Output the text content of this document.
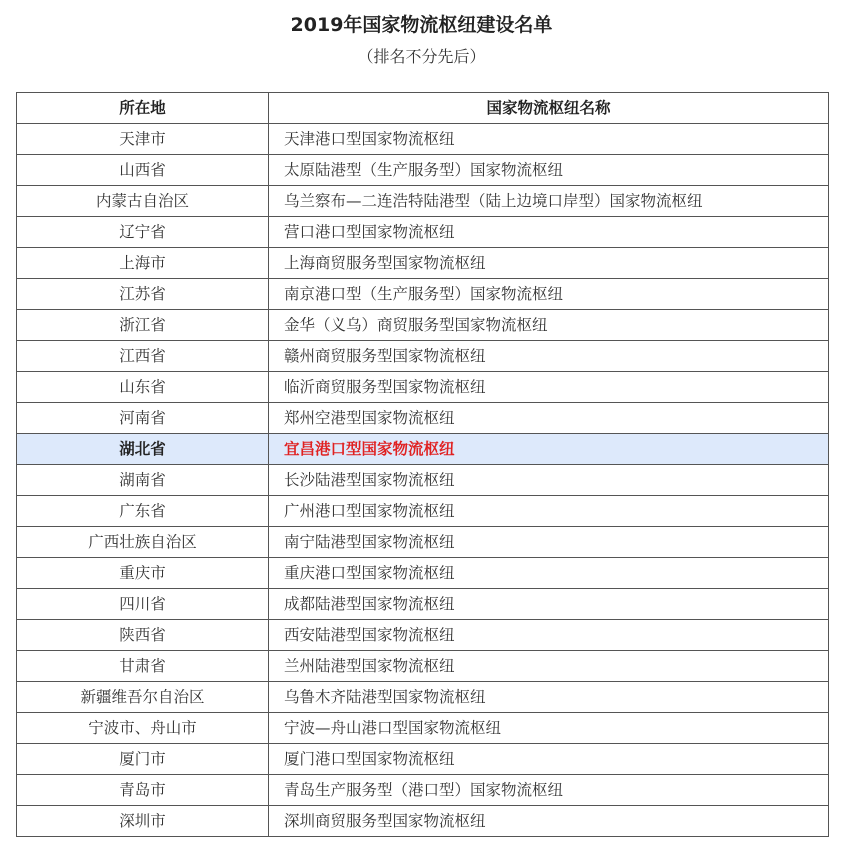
2019年国家物流枢纽建设名单
（排名不分先后）
所在地	国家物流枢纽名称
天津市	天津港口型国家物流枢纽
山西省	太原陆港型（生产服务型）国家物流枢纽
内蒙古自治区	乌兰察布—二连浩特陆港型（陆上边境口岸型）国家物流枢纽
辽宁省	营口港口型国家物流枢纽
上海市	上海商贸服务型国家物流枢纽
江苏省	南京港口型（生产服务型）国家物流枢纽
浙江省	金华（义乌）商贸服务型国家物流枢纽
江西省	赣州商贸服务型国家物流枢纽
山东省	临沂商贸服务型国家物流枢纽
河南省	郑州空港型国家物流枢纽
湖北省	宜昌港口型国家物流枢纽
湖南省	长沙陆港型国家物流枢纽
广东省	广州港口型国家物流枢纽
广西壮族自治区	南宁陆港型国家物流枢纽
重庆市	重庆港口型国家物流枢纽
四川省	成都陆港型国家物流枢纽
陕西省	西安陆港型国家物流枢纽
甘肃省	兰州陆港型国家物流枢纽
新疆维吾尔自治区	乌鲁木齐陆港型国家物流枢纽
宁波市、舟山市	宁波—舟山港口型国家物流枢纽
厦门市	厦门港口型国家物流枢纽
青岛市	青岛生产服务型（港口型）国家物流枢纽
深圳市	深圳商贸服务型国家物流枢纽
